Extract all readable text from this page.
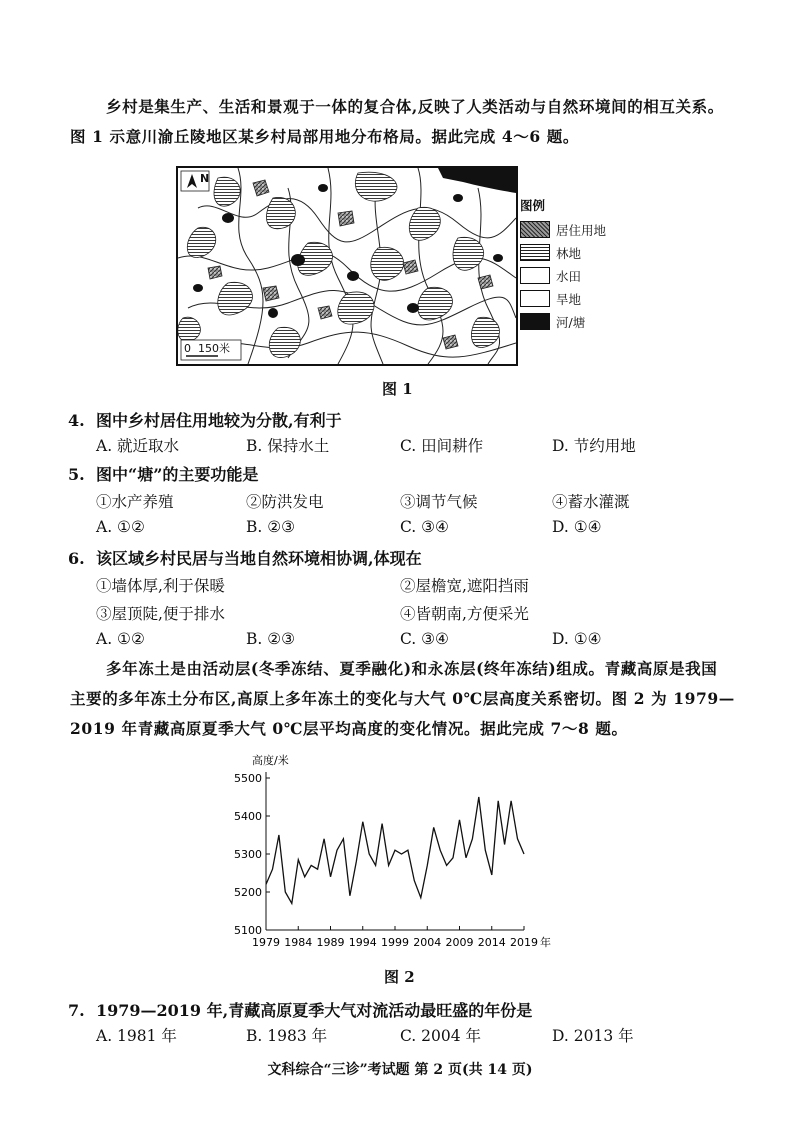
乡村是集生产、生活和景观于一体的复合体,反映了人类活动与自然环境间的相互关系。
图 1 示意川渝丘陵地区某乡村局部用地分布格局。据此完成 4～6 题。
N
0  150米
图例
居住用地
林地
水田
旱地
河/塘
图 1
4. 图中乡村居住用地较为分散,有利于
A. 就近取水	B. 保持水土	C. 田间耕作	D. 节约用地
5. 图中“塘”的主要功能是
①水产养殖	②防洪发电	③调节气候	④蓄水灌溉
A. ①②	B. ②③	C. ③④	D. ①④
6. 该区域乡村民居与当地自然环境相协调,体现在
①墙体厚,利于保暖	②屋檐宽,遮阳挡雨
③屋顶陡,便于排水	④皆朝南,方便采光
A. ①②	B. ②③	C. ③④	D. ①④
多年冻土是由活动层(冬季冻结、夏季融化)和永冻层(终年冻结)组成。青藏高原是我国
主要的多年冻土分布区,高原上多年冻土的变化与大气 0℃层高度关系密切。图 2 为 1979—
2019 年青藏高原夏季大气 0℃层平均高度的变化情况。据此完成 7～8 题。
高度/米
5100
5200
5300
5400
5500
1979 1984 1989 1994 1999 2004 2009 2014 2019 年
图 2
7. 1979—2019 年,青藏高原夏季大气对流活动最旺盛的年份是
A. 1981 年	B. 1983 年	C. 2004 年	D. 2013 年
文科综合“三诊”考试题 第 2 页(共 14 页)
